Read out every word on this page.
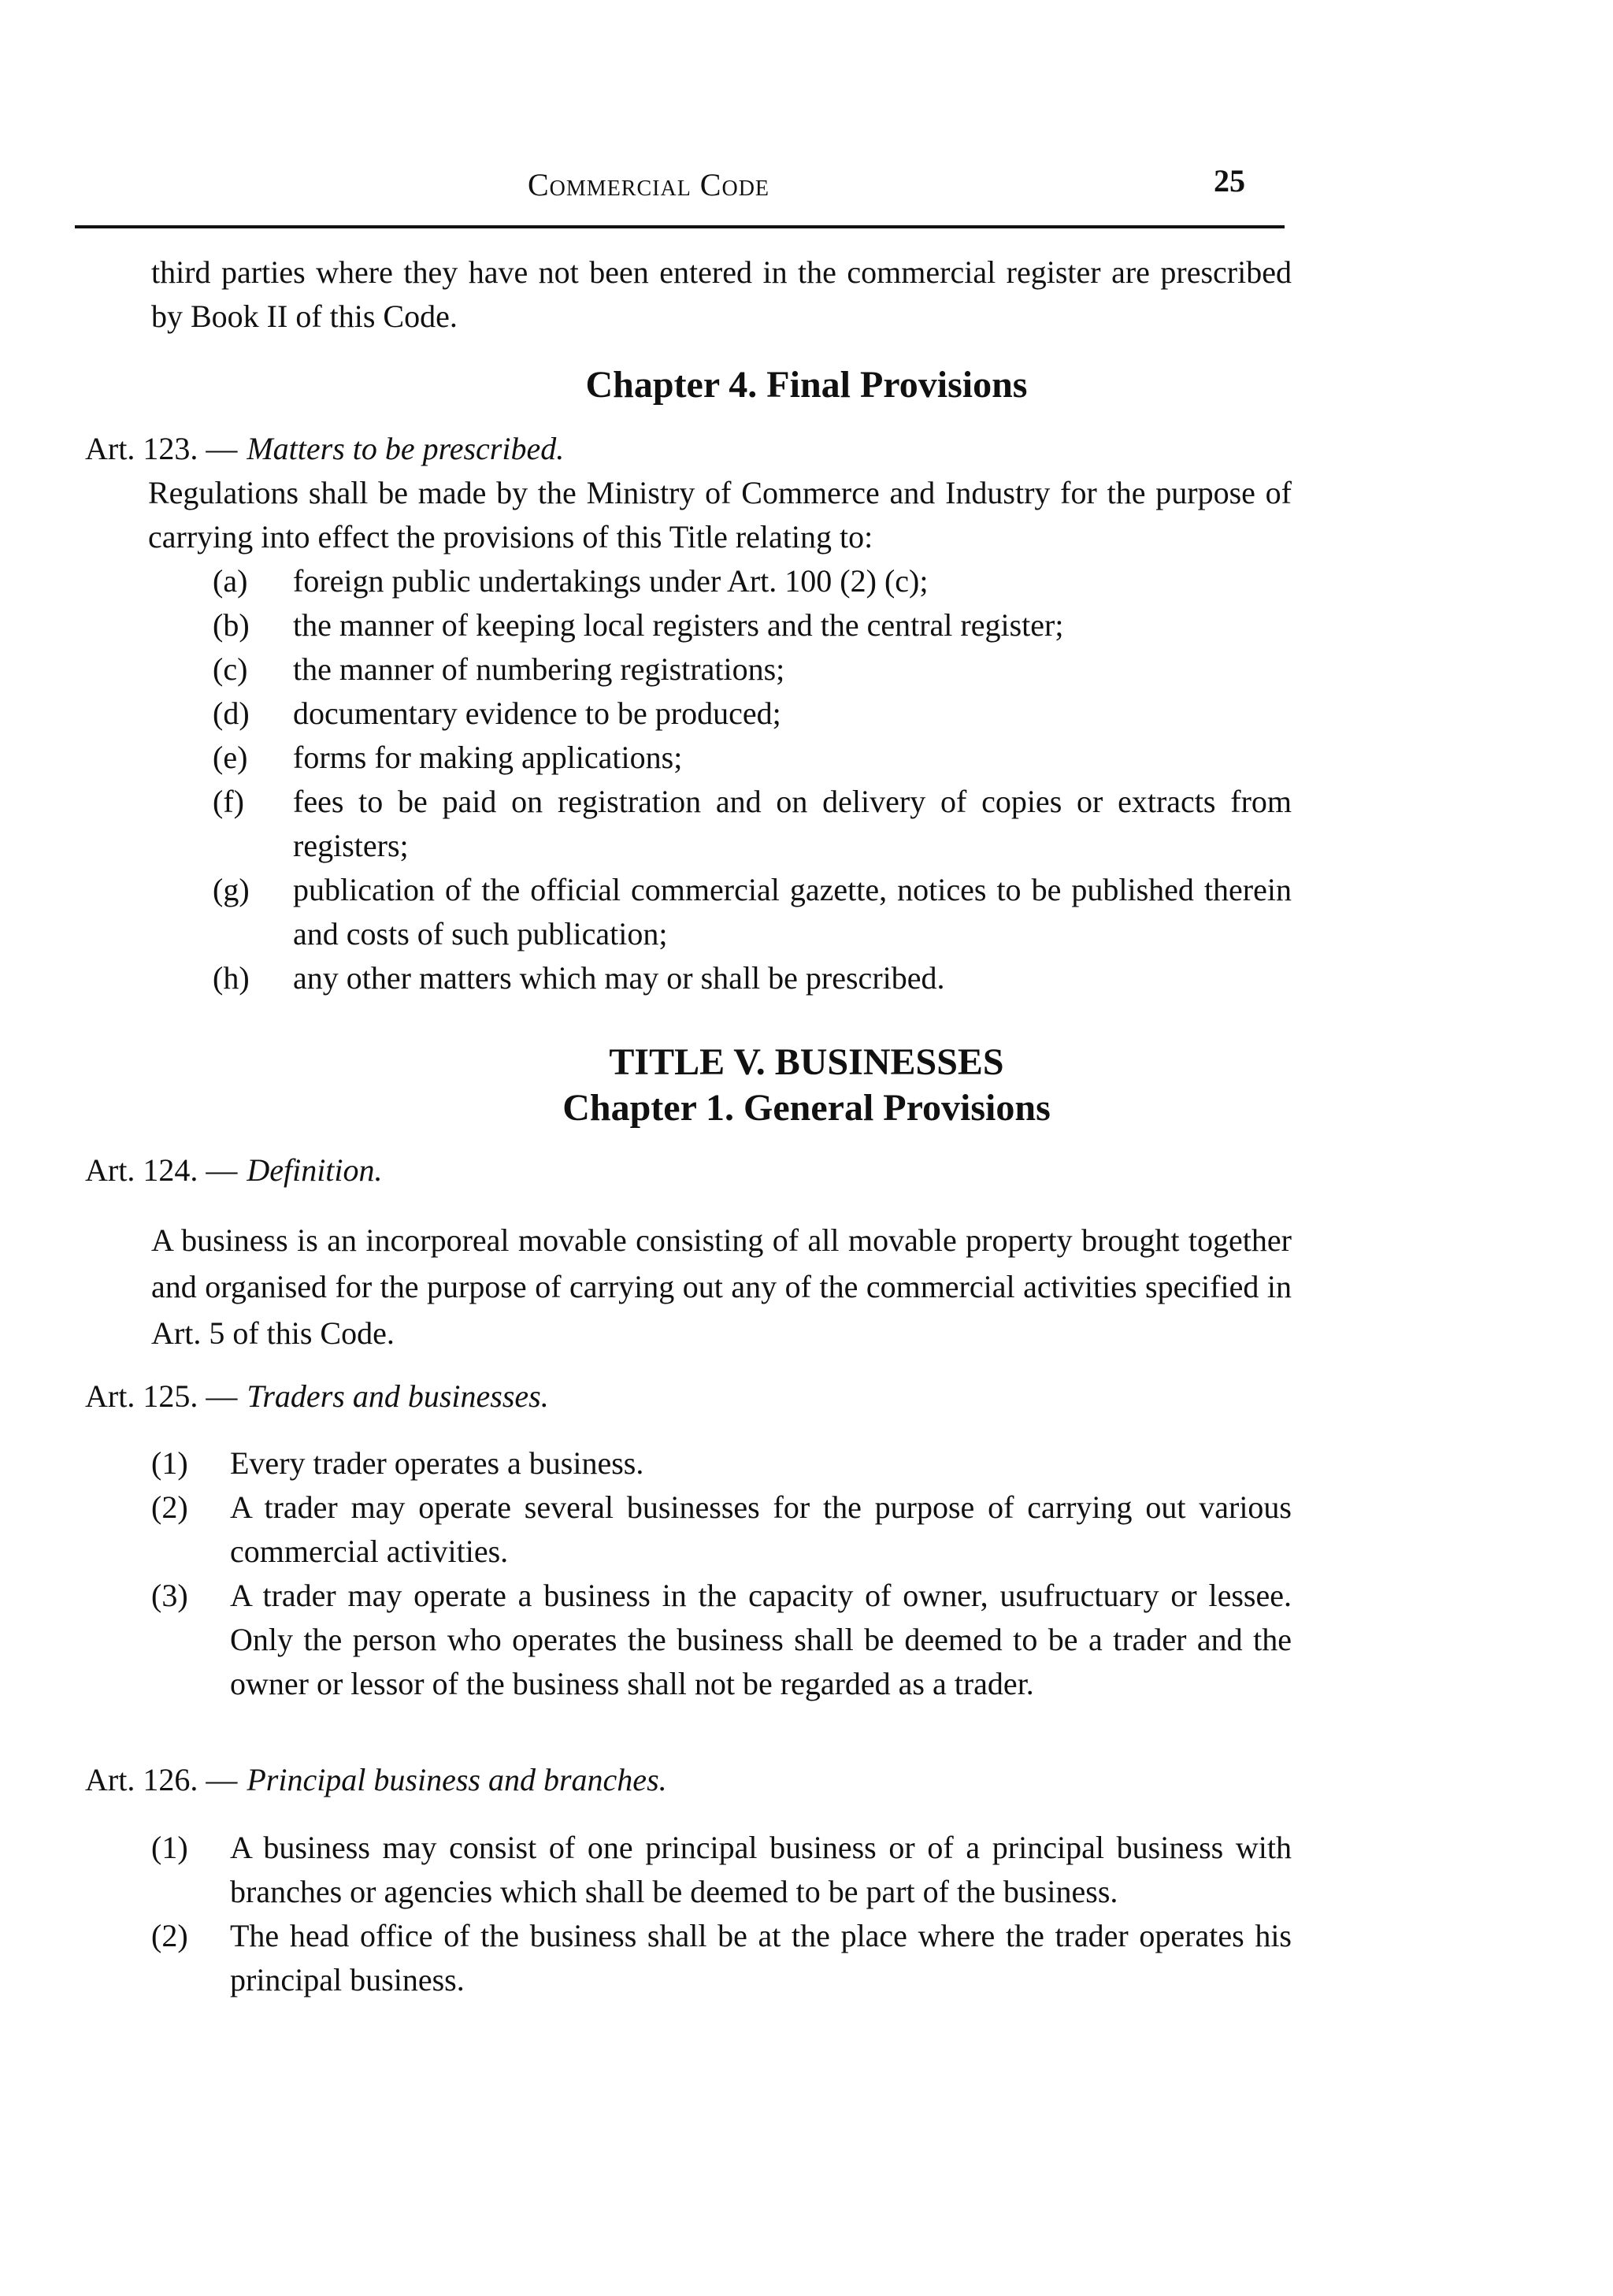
Commercial Code	25
third parties where they have not been entered in the commercial register are prescribed by Book II of this Code.
Chapter 4. Final Provisions
Art. 123. — Matters to be prescribed.
Regulations shall be made by the Ministry of Commerce and Industry for the purpose of carrying into effect the provisions of this Title relating to:
(a)	foreign public undertakings under Art. 100 (2) (c);
(b)	the manner of keeping local registers and the central register;
(c)	the manner of numbering registrations;
(d)	documentary evidence to be produced;
(e)	forms for making applications;
(f)	fees to be paid on registration and on delivery of copies or extracts from registers;
(g)	publication of the official commercial gazette, notices to be published therein and costs of such publication;
(h)	any other matters which may or shall be prescribed.
TITLE V. BUSINESSES
Chapter 1. General Provisions
Art. 124. — Definition.
A business is an incorporeal movable consisting of all movable property brought together and organised for the purpose of carrying out any of the commercial activities specified in Art. 5 of this Code.
Art. 125. — Traders and businesses.
(1)	Every trader operates a business.
(2)	A trader may operate several businesses for the purpose of carrying out various commercial activities.
(3)	A trader may operate a business in the capacity of owner, usufructuary or lessee. Only the person who operates the business shall be deemed to be a trader and the owner or lessor of the business shall not be regarded as a trader.
Art. 126. — Principal business and branches.
(1)	A business may consist of one principal business or of a principal business with branches or agencies which shall be deemed to be part of the business.
(2)	The head office of the business shall be at the place where the trader operates his principal business.
